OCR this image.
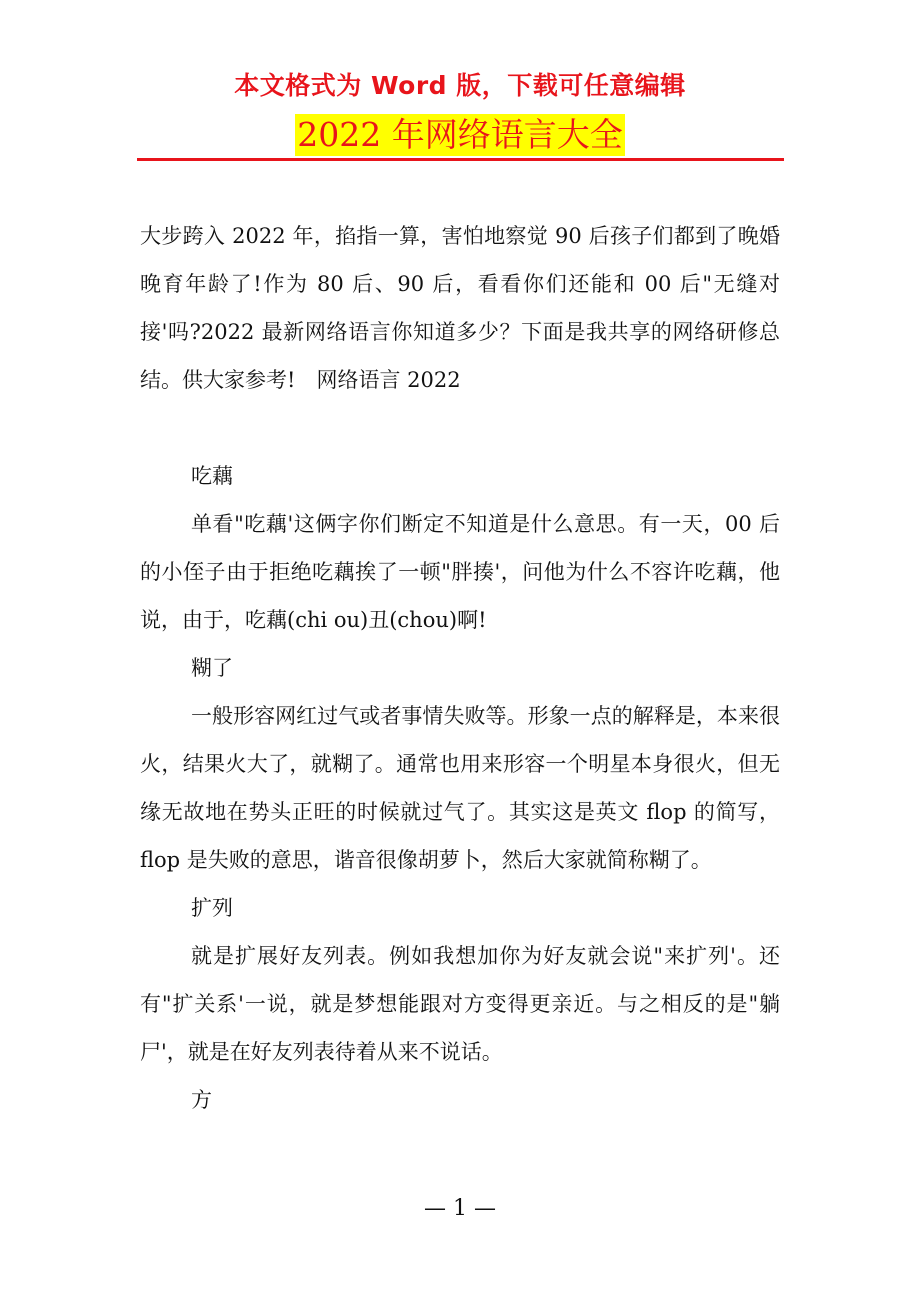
本文格式为 Word 版，下载可任意编辑
2022 年网络语言大全

大步跨入 2022 年，掐指一算，害怕地察觉 90 后孩子们都到了晚婚晚育年龄了!作为 80 后、90 后，看看你们还能和 00 后"无缝对接'吗?2022 最新网络语言你知道多少？下面是我共享的网络研修总结。供大家参考!　网络语言 2022

吃藕

单看"吃藕'这俩字你们断定不知道是什么意思。有一天，00 后的小侄子由于拒绝吃藕挨了一顿"胖揍'，问他为什么不容许吃藕，他说，由于，吃藕(chi ou)丑(chou)啊!

糊了

一般形容网红过气或者事情失败等。形象一点的解释是，本来很火，结果火大了，就糊了。通常也用来形容一个明星本身很火，但无缘无故地在势头正旺的时候就过气了。其实这是英文 flop 的简写，flop 是失败的意思，谐音很像胡萝卜，然后大家就简称糊了。

扩列

就是扩展好友列表。例如我想加你为好友就会说"来扩列'。还有"扩关系'一说，就是梦想能跟对方变得更亲近。与之相反的是"躺尸'，就是在好友列表待着从来不说话。

方

— 1 —
